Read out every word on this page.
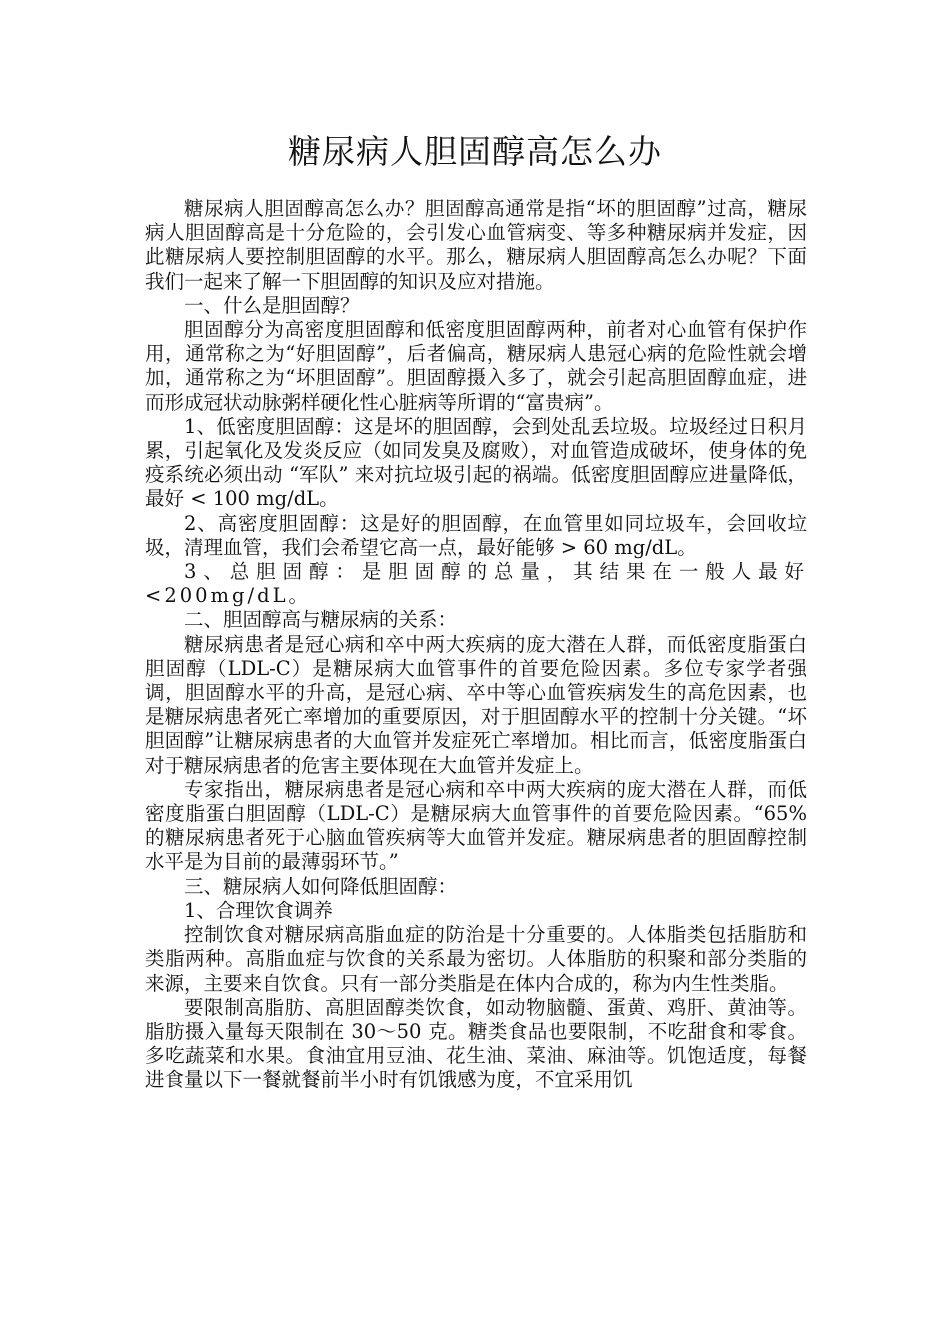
糖尿病人胆固醇高怎么办

糖尿病人胆固醇高怎么办？胆固醇高通常是指“坏的胆固醇”过高，糖尿病人胆固醇高是十分危险的，会引发心血管病变、等多种糖尿病并发症，因此糖尿病人要控制胆固醇的水平。那么，糖尿病人胆固醇高怎么办呢？下面我们一起来了解一下胆固醇的知识及应对措施。

一、什么是胆固醇？

胆固醇分为高密度胆固醇和低密度胆固醇两种，前者对心血管有保护作用，通常称之为“好胆固醇”，后者偏高，糖尿病人患冠心病的危险性就会增加，通常称之为“坏胆固醇”。胆固醇摄入多了，就会引起高胆固醇血症，进而形成冠状动脉粥样硬化性心脏病等所谓的“富贵病”。

1、低密度胆固醇：这是坏的胆固醇，会到处乱丢垃圾。垃圾经过日积月累，引起氧化及发炎反应（如同发臭及腐败），对血管造成破坏，使身体的免疫系统必须出动 “军队” 来对抗垃圾引起的祸端。低密度胆固醇应进量降低，最好 < 100 mg/dL。

2、高密度胆固醇：这是好的胆固醇，在血管里如同垃圾车，会回收垃圾，清理血管，我们会希望它高一点，最好能够 > 60 mg/dL。

3、总胆固醇：是胆固醇的总量，其结果在一般人最好<200mg/dL。

二、胆固醇高与糖尿病的关系：

糖尿病患者是冠心病和卒中两大疾病的庞大潜在人群，而低密度脂蛋白胆固醇（LDL-C）是糖尿病大血管事件的首要危险因素。多位专家学者强调，胆固醇水平的升高，是冠心病、卒中等心血管疾病发生的高危因素，也是糖尿病患者死亡率增加的重要原因，对于胆固醇水平的控制十分关键。“坏胆固醇”让糖尿病患者的大血管并发症死亡率增加。相比而言，低密度脂蛋白对于糖尿病患者的危害主要体现在大血管并发症上。

专家指出，糖尿病患者是冠心病和卒中两大疾病的庞大潜在人群，而低密度脂蛋白胆固醇（LDL-C）是糖尿病大血管事件的首要危险因素。“65%的糖尿病患者死于心脑血管疾病等大血管并发症。糖尿病患者的胆固醇控制水平是为目前的最薄弱环节。”

三、糖尿病人如何降低胆固醇：

1、合理饮食调养

控制饮食对糖尿病高脂血症的防治是十分重要的。人体脂类包括脂肪和类脂两种。高脂血症与饮食的关系最为密切。人体脂肪的积聚和部分类脂的来源，主要来自饮食。只有一部分类脂是在体内合成的，称为内生性类脂。

要限制高脂肪、高胆固醇类饮食，如动物脑髓、蛋黄、鸡肝、黄油等。脂肪摄入量每天限制在 30～50 克。糖类食品也要限制，不吃甜食和零食。多吃蔬菜和水果。食油宜用豆油、花生油、菜油、麻油等。饥饱适度，每餐进食量以下一餐就餐前半小时有饥饿感为度，不宜采用饥
